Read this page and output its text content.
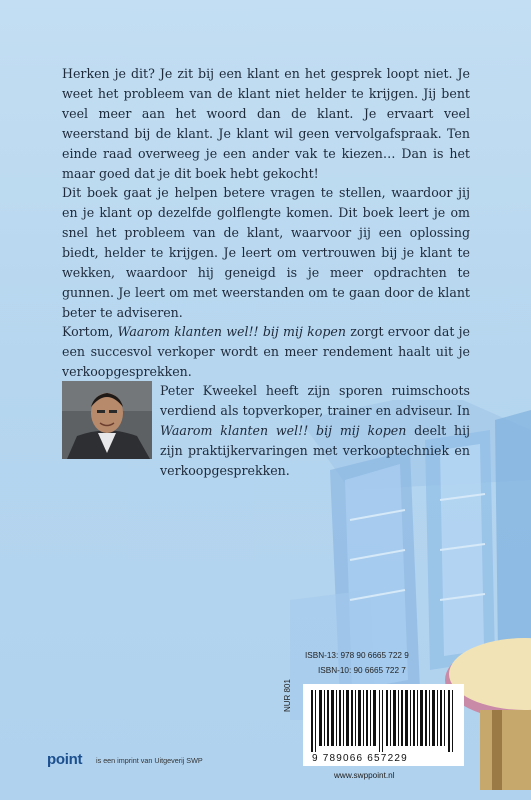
Herken je dit? Je zit bij een klant en het gesprek loopt niet. Je weet het probleem van de klant niet helder te krijgen. Jij bent veel meer aan het woord dan de klant. Je ervaart veel weerstand bij de klant. Je klant wil geen vervolgafspraak. Ten einde raad overweeg je een ander vak te kiezen… Dan is het maar goed dat je dit boek hebt gekocht!
Dit boek gaat je helpen betere vragen te stellen, waardoor jij en je klant op dezelfde golflengte komen. Dit boek leert je om snel het probleem van de klant, waarvoor jij een oplossing biedt, helder te krijgen. Je leert om vertrouwen bij je klant te wekken, waardoor hij geneigd is je meer opdrachten te gunnen. Je leert om met weerstanden om te gaan door de klant beter te adviseren.
Kortom, Waarom klanten wel!! bij mij kopen zorgt ervoor dat je een succesvol verkoper wordt en meer rendement haalt uit je verkoopgesprekken.
Peter Kweekel heeft zijn sporen ruimschoots verdiend als topverkoper, trainer en adviseur. In Waarom klanten wel!! bij mij kopen deelt hij zijn praktijkervaringen met verkooptechniek en verkoopgesprekken.
ISBN-13: 978 90 6665 722 9
ISBN-10: 90 6665 722 7
NUR 801
9 789066 657229
www.swppoint.nl
point is een imprint van Uitgeverij SWP
